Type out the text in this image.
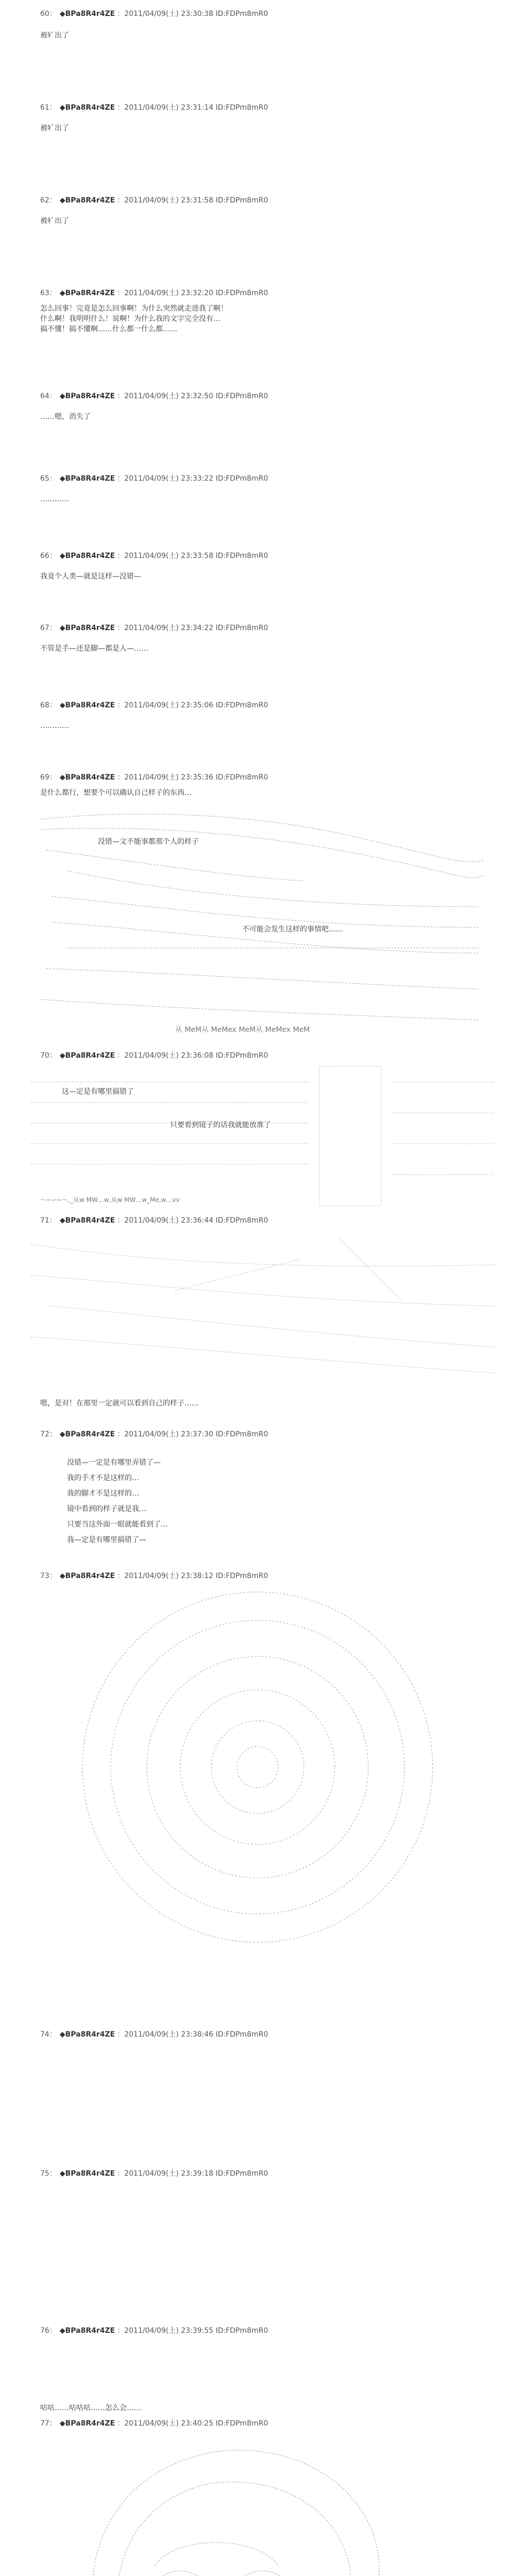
60： ◆BPa8R4r4ZE ：2011/04/09(土) 23:30:38 ID:FDPm8mR0
被ｷﾞ出了
61： ◆BPa8R4r4ZE ：2011/04/09(土) 23:31:14 ID:FDPm8mR0
被ｷﾞ出了
62： ◆BPa8R4r4ZE ：2011/04/09(土) 23:31:58 ID:FDPm8mR0
被ｷﾞ出了
63： ◆BPa8R4r4ZE ：2011/04/09(土) 23:32:20 ID:FDPm8mR0
怎么回事！完竟是怎么回事啊！为什么突然就走进我了啊！
什么啊！我明明什么！说啊！为什么我的文字完全没有…
搞不懂！搞不懂啊……什么都一什么都……
64： ◆BPa8R4r4ZE ：2011/04/09(土) 23:32:50 ID:FDPm8mR0
……嗯，消失了
65： ◆BPa8R4r4ZE ：2011/04/09(土) 23:33:22 ID:FDPm8mR0
…………
66： ◆BPa8R4r4ZE ：2011/04/09(土) 23:33:58 ID:FDPm8mR0
我竟个人类—就是这样—没错—
67： ◆BPa8R4r4ZE ：2011/04/09(土) 23:34:22 ID:FDPm8mR0
不管是手—还是脚—都是人—……
68： ◆BPa8R4r4ZE ：2011/04/09(土) 23:35:06 ID:FDPm8mR0
…………
69： ◆BPa8R4r4ZE ：2011/04/09(土) 23:35:36 ID:FDPm8mR0
是什么都行，想要个可以确认自己样子的东西…
没错—文不能事都那个人的样子
不可能会发生这样的事情吧……
从 MeM从 MeMex MeM从 MeMex MeM
70： ◆BPa8R4r4ZE ：2011/04/09(土) 23:36:08 ID:FDPm8mR0
这—定是有哪里搞错了
只要看到镜子的话我就能放准了
～∽∽∽～,_从w MW…w,从w MW…w_Me,w…vv
71： ◆BPa8R4r4ZE ：2011/04/09(土) 23:36:44 ID:FDPm8mR0
嗯，是对！在那里一定就可以看到自己的样子……
72： ◆BPa8R4r4ZE ：2011/04/09(土) 23:37:30 ID:FDPm8mR0
没错—一定是有哪里弄错了—
我的手才不是这样的…
我的脚才不是这样的…
镜中看到的样子就是我…
只要当这外面一眼就能看到了…
我—定是有哪里搞错了—
73： ◆BPa8R4r4ZE ：2011/04/09(土) 23:38:12 ID:FDPm8mR0
74： ◆BPa8R4r4ZE ：2011/04/09(土) 23:38:46 ID:FDPm8mR0
75： ◆BPa8R4r4ZE ：2011/04/09(土) 23:39:18 ID:FDPm8mR0
76： ◆BPa8R4r4ZE ：2011/04/09(土) 23:39:55 ID:FDPm8mR0
咕咕……咕咕咕……怎么会……
77： ◆BPa8R4r4ZE ：2011/04/09(土) 23:40:25 ID:FDPm8mR0
